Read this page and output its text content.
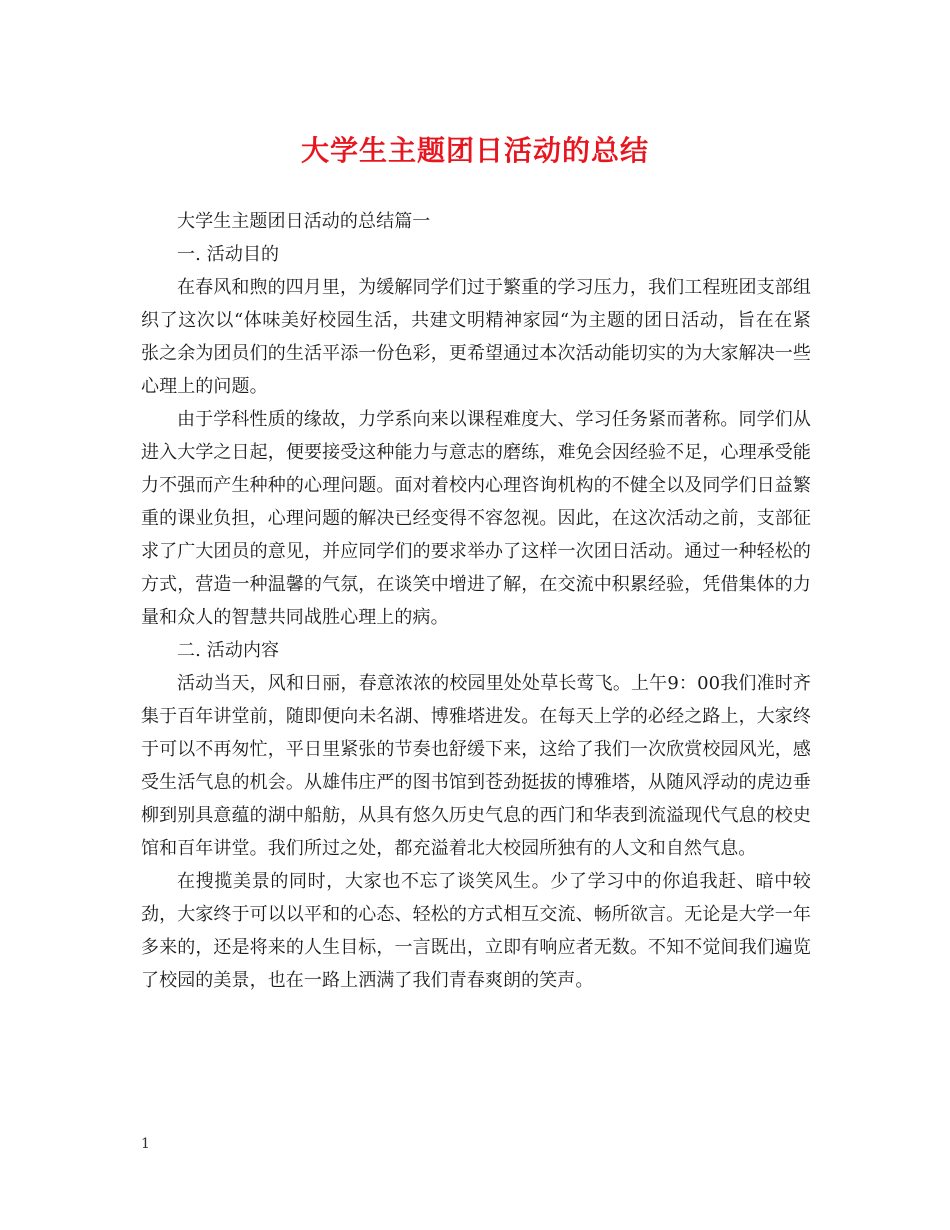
大学生主题团日活动的总结

大学生主题团日活动的总结篇一

一. 活动目的

在春风和煦的四月里，为缓解同学们过于繁重的学习压力，我们工程班团支部组织了这次以“体味美好校园生活，共建文明精神家园“为主题的团日活动，旨在在紧张之余为团员们的生活平添一份色彩，更希望通过本次活动能切实的为大家解决一些心理上的问题。

由于学科性质的缘故，力学系向来以课程难度大、学习任务紧而著称。同学们从进入大学之日起，便要接受这种能力与意志的磨练，难免会因经验不足，心理承受能力不强而产生种种的心理问题。面对着校内心理咨询机构的不健全以及同学们日益繁重的课业负担，心理问题的解决已经变得不容忽视。因此，在这次活动之前，支部征求了广大团员的意见，并应同学们的要求举办了这样一次团日活动。通过一种轻松的方式，营造一种温馨的气氛，在谈笑中增进了解，在交流中积累经验，凭借集体的力量和众人的智慧共同战胜心理上的病。

二. 活动内容

活动当天，风和日丽，春意浓浓的校园里处处草长莺飞。上午9：00我们准时齐集于百年讲堂前，随即便向未名湖、博雅塔进发。在每天上学的必经之路上，大家终于可以不再匆忙，平日里紧张的节奏也舒缓下来，这给了我们一次欣赏校园风光，感受生活气息的机会。从雄伟庄严的图书馆到苍劲挺拔的博雅塔，从随风浮动的虎边垂柳到别具意蕴的湖中船舫，从具有悠久历史气息的西门和华表到流溢现代气息的校史馆和百年讲堂。我们所过之处，都充溢着北大校园所独有的人文和自然气息。

在搜揽美景的同时，大家也不忘了谈笑风生。少了学习中的你追我赶、暗中较劲，大家终于可以以平和的心态、轻松的方式相互交流、畅所欲言。无论是大学一年多来的，还是将来的人生目标，一言既出，立即有响应者无数。不知不觉间我们遍览了校园的美景，也在一路上洒满了我们青春爽朗的笑声。

1
